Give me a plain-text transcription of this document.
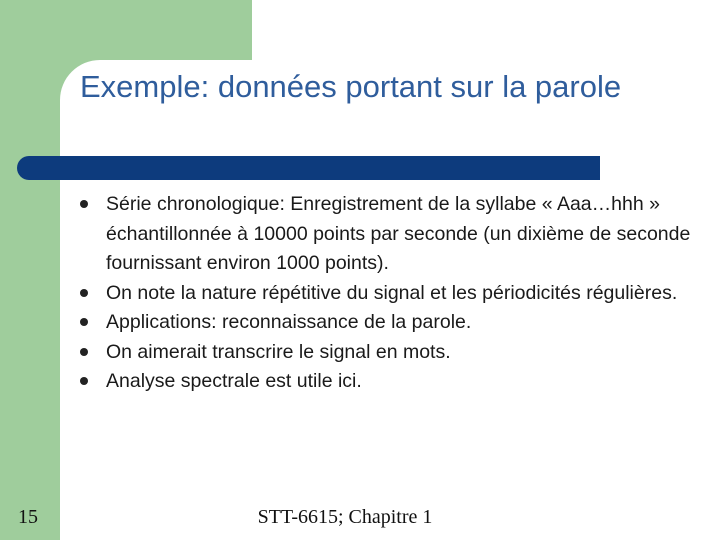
Exemple: données portant sur la parole
Série chronologique: Enregistrement de la syllabe « Aaa…hhh » échantillonnée à 10000 points par seconde (un dixième de seconde fournissant environ 1000 points).
On note la nature répétitive du signal et les périodicités régulières.
Applications: reconnaissance de la parole.
On aimerait transcrire le signal en mots.
Analyse spectrale est utile ici.
15	STT-6615; Chapitre 1
